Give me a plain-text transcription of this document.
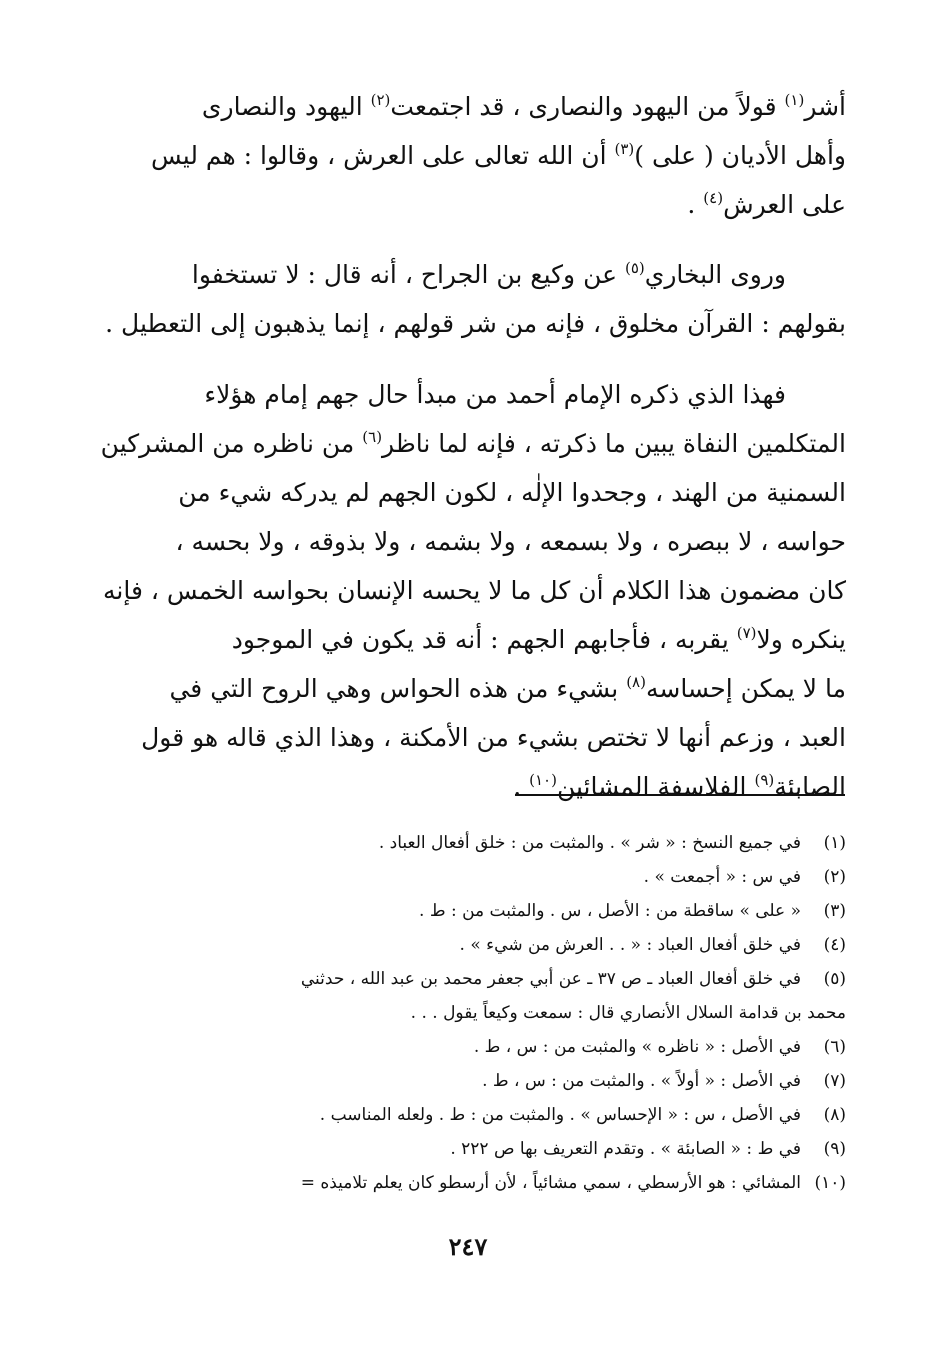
أشر$^{(١)}$ قولاً من اليهود والنصارى ، قد اجتمعت$^{(٢)}$ اليهود والنصارى
وأهل الأديان ( على )$^{(٣)}$ أن الله تعالى على العرش ، وقالوا : هم ليس
على العرش$^{(٤)}$ .
وروى البخاري$^{(٥)}$ عن وكيع بن الجراح ، أنه قال : لا تستخفوا
بقولهم : القرآن مخلوق ، فإنه من شر قولهم ، إنما يذهبون إلى التعطيل .
فهذا الذي ذكره الإمام أحمد من مبدأ حال جهم إمام هؤلاء
المتكلمين النفاة يبين ما ذكرته ، فإنه لما ناظر$^{(٦)}$ من ناظره من المشركين
السمنية من الهند ، وجحدوا الإلٰه ، لكون الجهم لم يدركه شيء من
حواسه ، لا ببصره ، ولا بسمعه ، ولا بشمه ، ولا بذوقه ، ولا بحسه ،
كان مضمون هذا الكلام أن كل ما لا يحسه الإنسان بحواسه الخمس ، فإنه
ينكره ولا$^{(٧)}$ يقربه ، فأجابهم الجهم : أنه قد يكون في الموجود
ما لا يمكن إحساسه$^{(٨)}$ بشيء من هذه الحواس وهي الروح التي في
العبد ، وزعم أنها لا تختص بشيء من الأمكنة ، وهذا الذي قاله هو قول
الصابئة$^{(٩)}$ الفلاسفة المشائين$^{(١٠)}$ .
(١)
في جميع النسخ : « شر » . والمثبت من : خلق أفعال العباد .
(٢)
في س : « أجمعت » .
(٣)
« على » ساقطة من : الأصل ، س . والمثبت من : ط .
(٤)
في خلق أفعال العباد : « . . العرش من شيء » .
(٥)
في خلق أفعال العباد ـ ص ٣٧ ـ عن أبي جعفر محمد بن عبد الله ، حدثني
محمد بن قدامة السلال الأنصاري قال : سمعت وكيعاً يقول . . .
(٦)
في الأصل : « ناظره » والمثبت من : س ، ط .
(٧)
في الأصل : « أولاً » . والمثبت من : س ، ط .
(٨)
في الأصل ، س : « الإحساس » . والمثبت من : ط . ولعله المناسب .
(٩)
في ط : « الصابئة » . وتقدم التعريف بها ص ٢٢٢ .
(١٠)
المشائي : هو الأرسطي ، سمي مشائياً ، لأن أرسطو كان يعلم تلاميذه =
٢٤٧
